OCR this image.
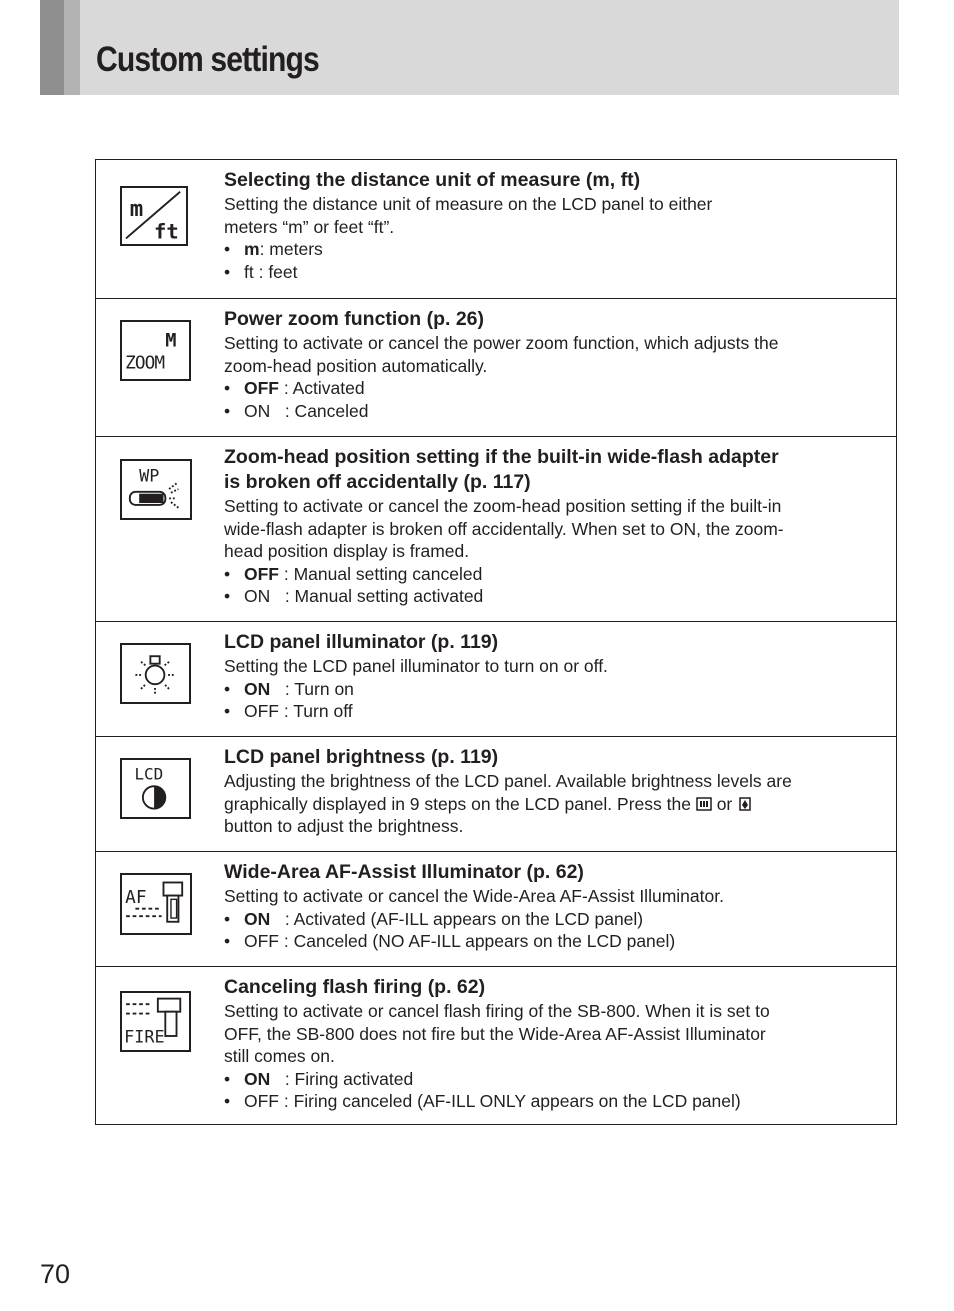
Custom settings
m
ft

Selecting the distance unit of measure (m, ft)

Setting the distance unit of measure on the LCD panel to either

meters “m” or feet “ft”.

• m: meters
• ft : feet
M
ZOOM

Power zoom function (p. 26)

Setting to activate or cancel the power zoom function, which adjusts the

zoom-head position automatically.

• OFF : Activated
• ON   : Canceled
WP

Zoom-head position setting if the built-in wide-flash adapter

is broken off accidentally (p. 117)

Setting to activate or cancel the zoom-head position setting if the built-in

wide-flash adapter is broken off accidentally. When set to ON, the zoom-

head position display is framed.

• OFF : Manual setting canceled
• ON   : Manual setting activated

LCD panel illuminator (p. 119)

Setting the LCD panel illuminator to turn on or off.

• ON   : Turn on
• OFF : Turn off
LCD

LCD panel brightness (p. 119)

Adjusting the brightness of the LCD panel. Available brightness levels are

graphically displayed in 9 steps on the LCD panel. Press the or

button to adjust the brightness.

AF

Wide-Area AF-Assist Illuminator (p. 62)

Setting to activate or cancel the Wide-Area AF-Assist Illuminator.

• ON   : Activated (AF-ILL appears on the LCD panel)
• OFF : Canceled (NO AF-ILL appears on the LCD panel)
FIRE

Canceling flash firing (p. 62)

Setting to activate or cancel flash firing of the SB-800. When it is set to

OFF, the SB-800 does not fire but the Wide-Area AF-Assist Illuminator

still comes on.

• ON   : Firing activated
• OFF : Firing canceled (AF-ILL ONLY appears on the LCD panel)

70
